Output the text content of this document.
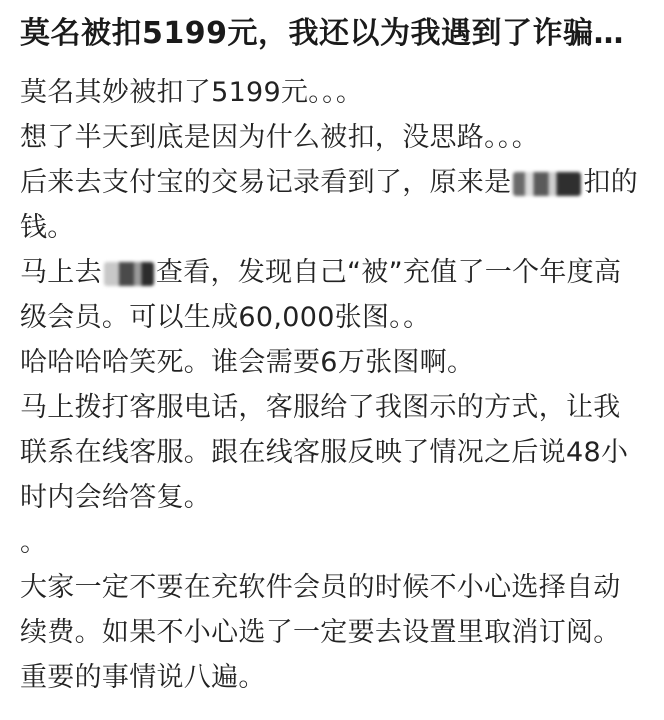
莫名被扣5199元，我还以为我遇到了诈骗…

莫名其妙被扣了5199元。。。

想了半天到底是因为什么被扣，没思路。。。

后来去支付宝的交易记录看到了，原来是	扣的钱。

马上去 查看，发现自己“被”充值了一个年度高级会员。可以生成60,000张图。。

哈哈哈哈笑死。谁会需要6万张图啊。

马上拨打客服电话，客服给了我图示的方式，让我联系在线客服。跟在线客服反映了情况之后说48小时内会给答复。

。

大家一定不要在充软件会员的时候不小心选择自动续费。如果不小心选了一定要去设置里取消订阅。重要的事情说八遍。
